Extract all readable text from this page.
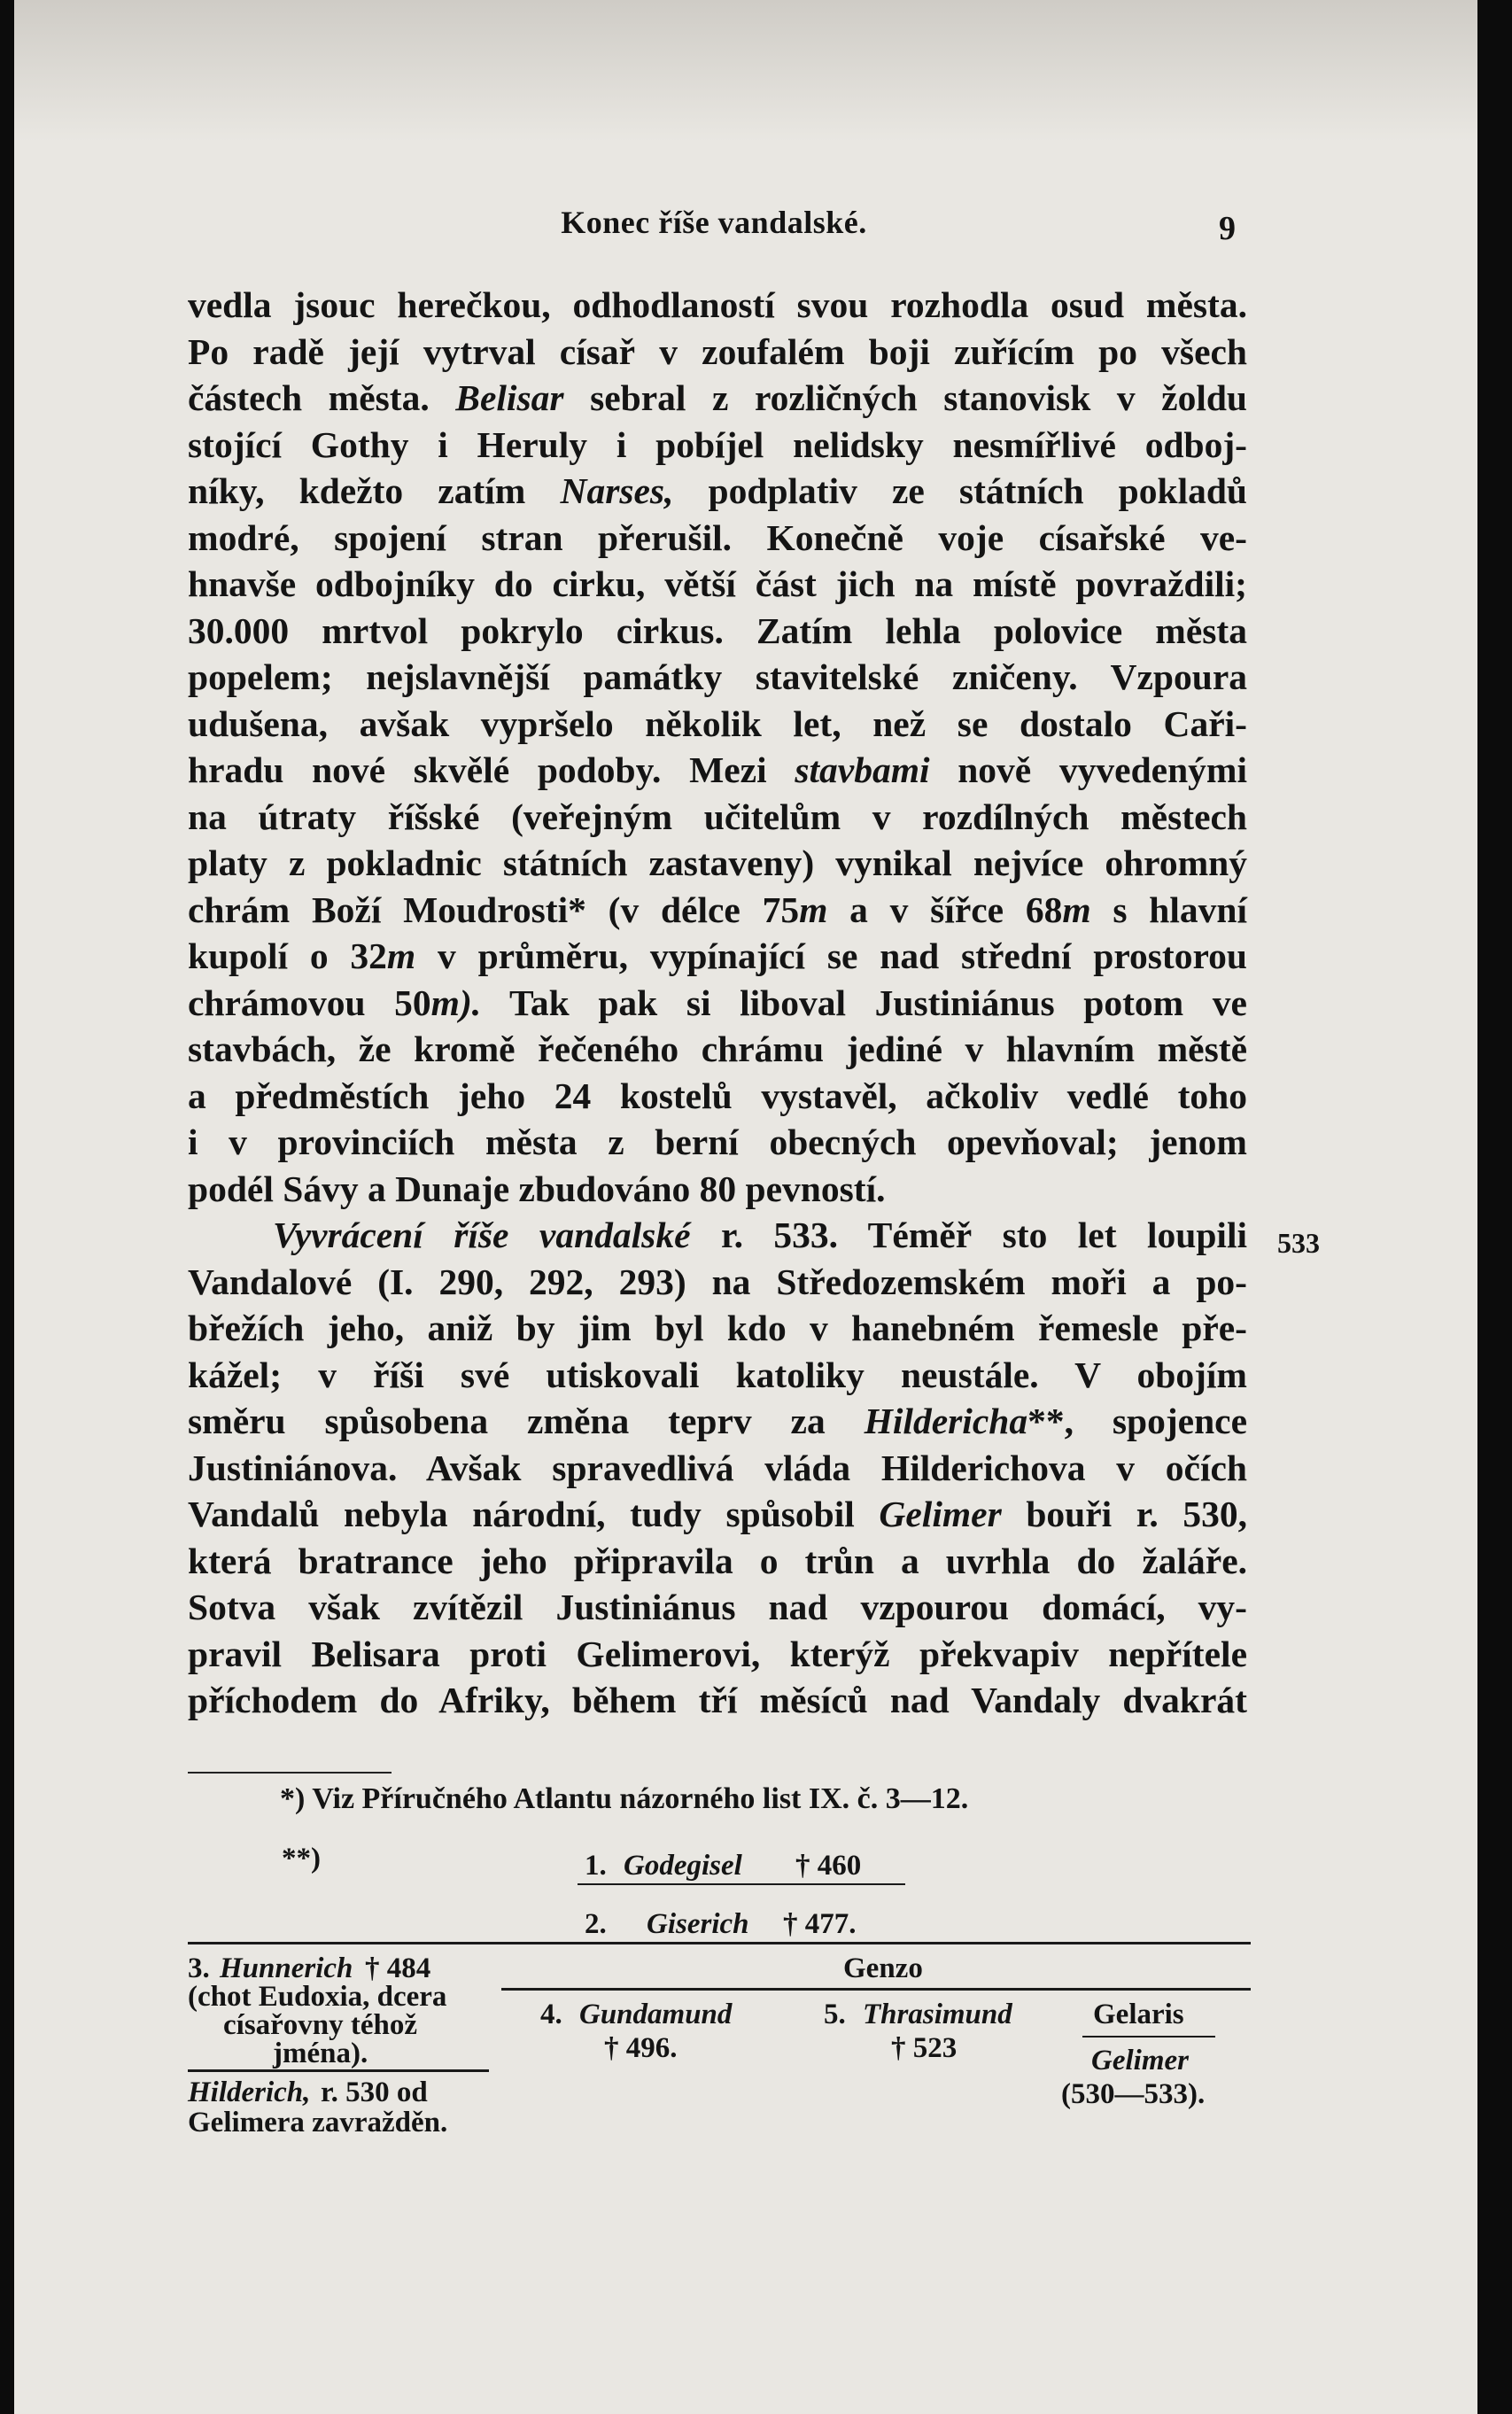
Konec říše vandalské.	9
vedla jsouc herečkou, odhodlaností svou rozhodla osud města.
Po radě její vytrval císař v zoufalém boji zuřícím po všech
částech města. Belisar sebral z rozličných stanovisk v žoldu
stojící Gothy i Heruly i pobíjel nelidsky nesmířlivé odboj-
níky, kdežto zatím Narses, podplativ ze státních pokladů
modré, spojení stran přerušil. Konečně voje císařské ve-
hnavše odbojníky do cirku, větší část jich na místě povraždili;
30.000 mrtvol pokrylo cirkus. Zatím lehla polovice města
popelem; nejslavnější památky stavitelské zničeny. Vzpoura
udušena, avšak vypršelo několik let, než se dostalo Caři-
hradu nové skvělé podoby. Mezi stavbami nově vyvedenými
na útraty říšské (veřejným učitelům v rozdílných městech
platy z pokladnic státních zastaveny) vynikal nejvíce ohromný
chrám Boží Moudrosti* (v délce 75m a v šířce 68m s hlavní
kupolí o 32m v průměru, vypínající se nad střední prostorou
chrámovou 50m). Tak pak si liboval Justiniánus potom ve
stavbách, že kromě řečeného chrámu jediné v hlavním městě
a předměstích jeho 24 kostelů vystavěl, ačkoliv vedlé toho
i v provinciích města z berní obecných opevňoval; jenom
podél Sávy a Dunaje zbudováno 80 pevností.
Vyvrácení říše vandalské r. 533. Téměř sto let loupili
Vandalové (I. 290, 292, 293) na Středozemském moři a po-
břežích jeho, aniž by jim byl kdo v hanebném řemesle pře-
kážel; v říši své utiskovali katoliky neustále. V obojím
směru spůsobena změna teprv za Hildericha**, spojence
Justiniánova. Avšak spravedlivá vláda Hilderichova v očích
Vandalů nebyla národní, tudy spůsobil Gelimer bouři r. 530,
která bratrance jeho připravila o trůn a uvrhla do žaláře.
Sotva však zvítězil Justiniánus nad vzpourou domácí, vy-
pravil Belisara proti Gelimerovi, kterýž překvapiv nepřítele
příchodem do Afriky, během tří měsíců nad Vandaly dvakrát
533
*) Viz Příručného Atlantu názorného list IX. č. 3—12.
**)	1. Godegisel † 460
2. Giserich † 477.
3. Hunnerich † 484
(chot Eudoxia, dcera
císařovny téhož
jména).
Genzo
4. Gundamund
† 496.
5. Thrasimund
† 523
Gelaris
Gelimer
(530—533).
Hilderich, r. 530 od
Gelimera zavražděn.
